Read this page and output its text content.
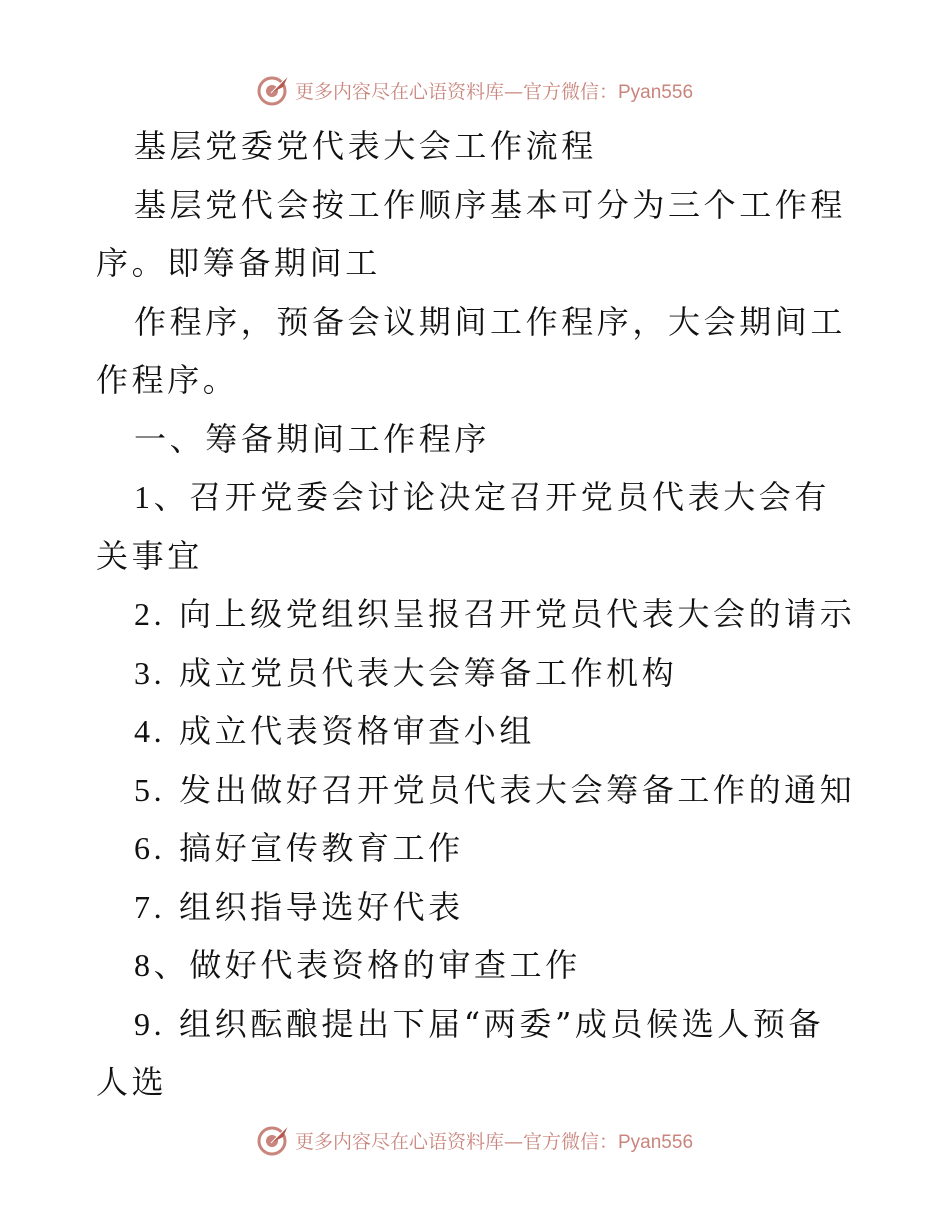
更多内容尽在心语资料库—官方微信：Pyan556

基层党委党代表大会工作流程

基层党代会按工作顺序基本可分为三个工作程序。即筹备期间工

作程序，预备会议期间工作程序，大会期间工作程序。

一、筹备期间工作程序

1、召开党委会讨论决定召开党员代表大会有关事宜

2. 向上级党组织呈报召开党员代表大会的请示

3. 成立党员代表大会筹备工作机构

4. 成立代表资格审查小组

5. 发出做好召开党员代表大会筹备工作的通知

6. 搞好宣传教育工作

7. 组织指导选好代表

8、做好代表资格的审查工作

9. 组织酝酿提出下届“两委”成员候选人预备人选

更多内容尽在心语资料库—官方微信：Pyan556
